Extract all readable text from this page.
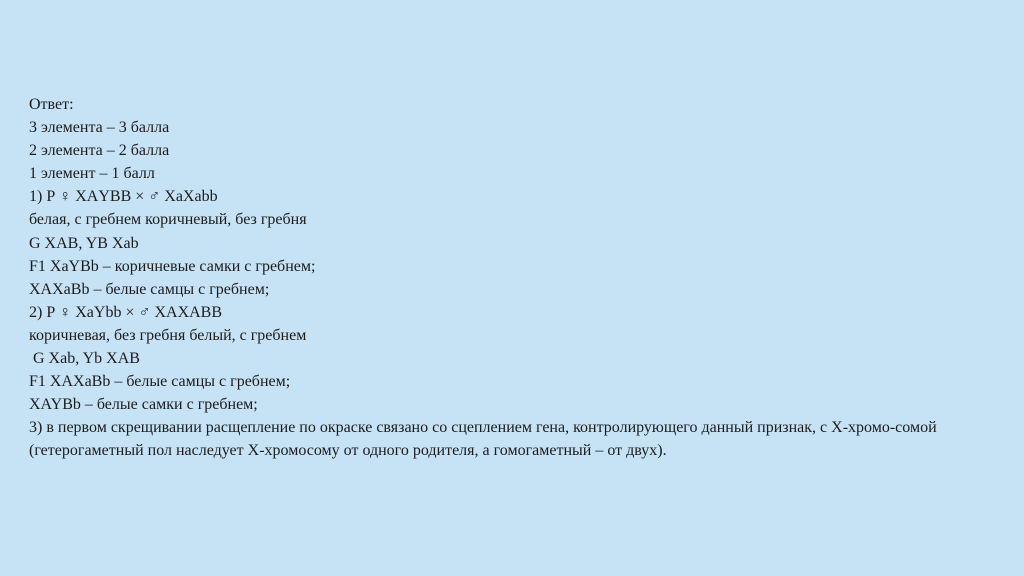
Ответ:

3 элемента – 3 балла

2 элемента – 2 балла

1 элемент – 1 балл

1) Р ♀ ХАYBB × ♂ ХаХаbb

белая, с гребнем коричневый, без гребня

G XAB, YB Xab

F1 XaYBb – коричневые самки с гребнем;

XAXaBb – белые самцы с гребнем;

2) Р ♀ ХаYbb × ♂ XAXABB

коричневая, без гребня белый, с гребнем

G Xab, Yb XAB

F1 XAXaBb – белые самцы с гребнем;

XAYBb – белые самки с гребнем;

3) в первом скрещивании расщепление по окраске связано со сцеплением гена, контролирующего данный признак, с Х-хромо-сомой (гетерогаметный пол наследует Х-хромосому от одного родителя, а гомогаметный – от двух).
